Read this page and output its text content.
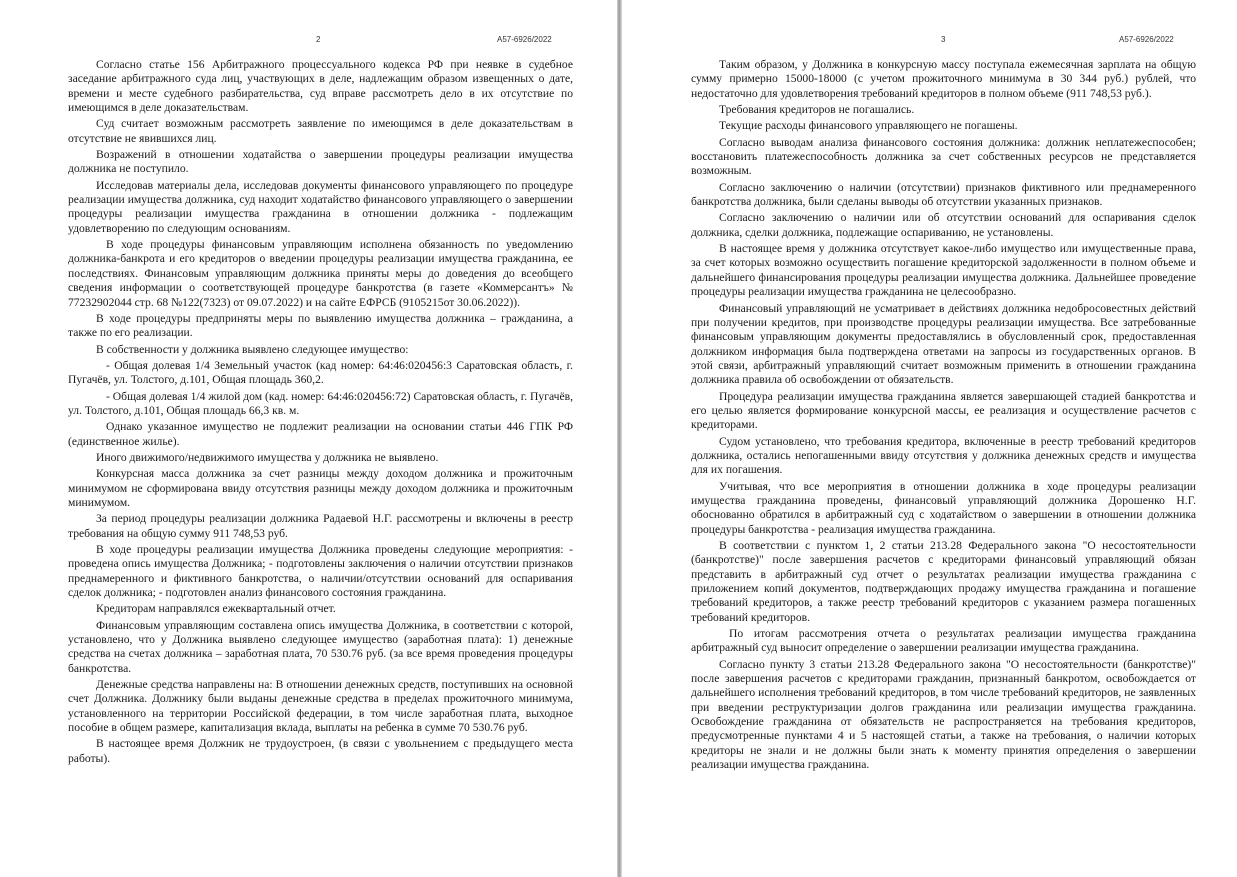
2	А57-6926/2022

Согласно статье 156 Арбитражного процессуального кодекса РФ при неявке в судебное заседание арбитражного суда лиц, участвующих в деле, надлежащим образом извещенных о дате, времени и месте судебного разбирательства, суд вправе рассмотреть дело в их отсутствие по имеющимся в деле доказательствам.

Суд считает возможным рассмотреть заявление по имеющимся в деле доказательствам в отсутствие не явившихся лиц.

Возражений в отношении ходатайства о завершении процедуры реализации имущества должника не поступило.

Исследовав материалы дела, исследовав документы финансового управляющего по процедуре реализации имущества должника, суд находит ходатайство финансового управляющего о завершении процедуры реализации имущества гражданина в отношении должника - подлежащим удовлетворению по следующим основаниям.

В ходе процедуры финансовым управляющим исполнена обязанность по уведомлению должника-банкрота и его кредиторов о введении процедуры реализации имущества гражданина, ее последствиях. Финансовым управляющим должника приняты меры до доведения до всеобщего сведения информации о соответствующей процедуре банкротства (в газете «Коммерсантъ» № 77232902044 стр. 68 №122(7323) от 09.07.2022) и на сайте ЕФРСБ (9105215от 30.06.2022)).

В ходе процедуры предприняты меры по выявлению имущества должника – гражданина, а также по его реализации.

В собственности у должника выявлено следующее имущество:

- Общая долевая 1/4 Земельный участок (кад номер: 64:46:020456:3 Саратовская область, г. Пугачёв, ул. Толстого, д.101, Общая площадь 360,2.

- Общая долевая 1/4 жилой дом (кад. номер: 64:46:020456:72) Саратовская область, г. Пугачёв, ул. Толстого, д.101, Общая площадь 66,3 кв. м.

Однако указанное имущество не подлежит реализации на основании статьи 446 ГПК РФ (единственное жилье).

Иного движимого/недвижимого имущества у должника не выявлено.

Конкурсная масса должника за счет разницы между доходом должника и прожиточным минимумом не сформирована ввиду отсутствия разницы между доходом должника и прожиточным минимумом.

За период процедуры реализации должника Радаевой Н.Г. рассмотрены и включены в реестр требования на общую сумму 911 748,53 руб.

В ходе процедуры реализации имущества Должника проведены следующие мероприятия: - проведена опись имущества Должника; - подготовлены заключения о наличии отсутствии признаков преднамеренного и фиктивного банкротства, о наличии/отсутствии оснований для оспаривания сделок должника; - подготовлен анализ финансового состояния гражданина.

Кредиторам направлялся ежеквартальный отчет.

Финансовым управляющим составлена опись имущества Должника, в соответствии с которой, установлено, что у Должника выявлено следующее имущество (заработная плата): 1) денежные средства на счетах должника – заработная плата, 70 530.76 руб. (за все время проведения процедуры банкротства.

Денежные средства направлены на: В отношении денежных средств, поступивших на основной счет Должника. Должнику были выданы денежные средства в пределах прожиточного минимума, установленного на территории Российской федерации, в том числе заработная плата, выходное пособие в общем размере, капитализация вклада, выплаты на ребенка в сумме 70 530.76 руб.

В настоящее время Должник не трудоустроен, (в связи с увольнением с предыдущего места работы).

3	А57-6926/2022

Таким образом, у Должника в конкурсную массу поступала ежемесячная зарплата на общую сумму примерно 15000-18000 (с учетом прожиточного минимума в 30 344 руб.) рублей, что недостаточно для удовлетворения требований кредиторов в полном объеме (911 748,53 руб.).

Требования кредиторов не погашались.

Текущие расходы финансового управляющего не погашены.

Согласно выводам анализа финансового состояния должника: должник неплатежеспособен; восстановить платежеспособность должника за счет собственных ресурсов не представляется возможным.

Согласно заключению о наличии (отсутствии) признаков фиктивного или преднамеренного банкротства должника, были сделаны выводы об отсутствии указанных признаков.

Согласно заключению о наличии или об отсутствии оснований для оспаривания сделок должника, сделки должника, подлежащие оспариванию, не установлены.

В настоящее время у должника отсутствует какое-либо имущество или имущественные права, за счет которых возможно осуществить погашение кредиторской задолженности в полном объеме и дальнейшего финансирования процедуры реализации имущества должника. Дальнейшее проведение процедуры реализации имущества гражданина не целесообразно.

Финансовый управляющий не усматривает в действиях должника недобросовестных действий при получении кредитов, при производстве процедуры реализации имущества. Все затребованные финансовым управляющим документы предоставлялись в обусловленный срок, предоставленная должником информация была подтверждена ответами на запросы из государственных органов. В этой связи, арбитражный управляющий считает возможным применить в отношении гражданина должника правила об освобождении от обязательств.

Процедура реализации имущества гражданина является завершающей стадией банкротства и его целью является формирование конкурсной массы, ее реализация и осуществление расчетов с кредиторами.

Судом установлено, что требования кредитора, включенные в реестр требований кредиторов должника, остались непогашенными ввиду отсутствия у должника денежных средств и имущества для их погашения.

Учитывая, что все мероприятия в отношении должника в ходе процедуры реализации имущества гражданина проведены, финансовый управляющий должника Дорошенко Н.Г. обоснованно обратился в арбитражный суд с ходатайством о завершении в отношении должника процедуры банкротства - реализация имущества гражданина.

В соответствии с пунктом 1, 2 статьи 213.28 Федерального закона "О несостоятельности (банкротстве)" после завершения расчетов с кредиторами финансовый управляющий обязан представить в арбитражный суд отчет о результатах реализации имущества гражданина с приложением копий документов, подтверждающих продажу имущества гражданина и погашение требований кредиторов, а также реестр требований кредиторов с указанием размера погашенных требований кредиторов.

По итогам рассмотрения отчета о результатах реализации имущества гражданина арбитражный суд выносит определение о завершении реализации имущества гражданина.

Согласно пункту 3 статьи 213.28 Федерального закона "О несостоятельности (банкротстве)" после завершения расчетов с кредиторами гражданин, признанный банкротом, освобождается от дальнейшего исполнения требований кредиторов, в том числе требований кредиторов, не заявленных при введении реструктуризации долгов гражданина или реализации имущества гражданина. Освобождение гражданина от обязательств не распространяется на требования кредиторов, предусмотренные пунктами 4 и 5 настоящей статьи, а также на требования, о наличии которых кредиторы не знали и не должны были знать к моменту принятия определения о завершении реализации имущества гражданина.
